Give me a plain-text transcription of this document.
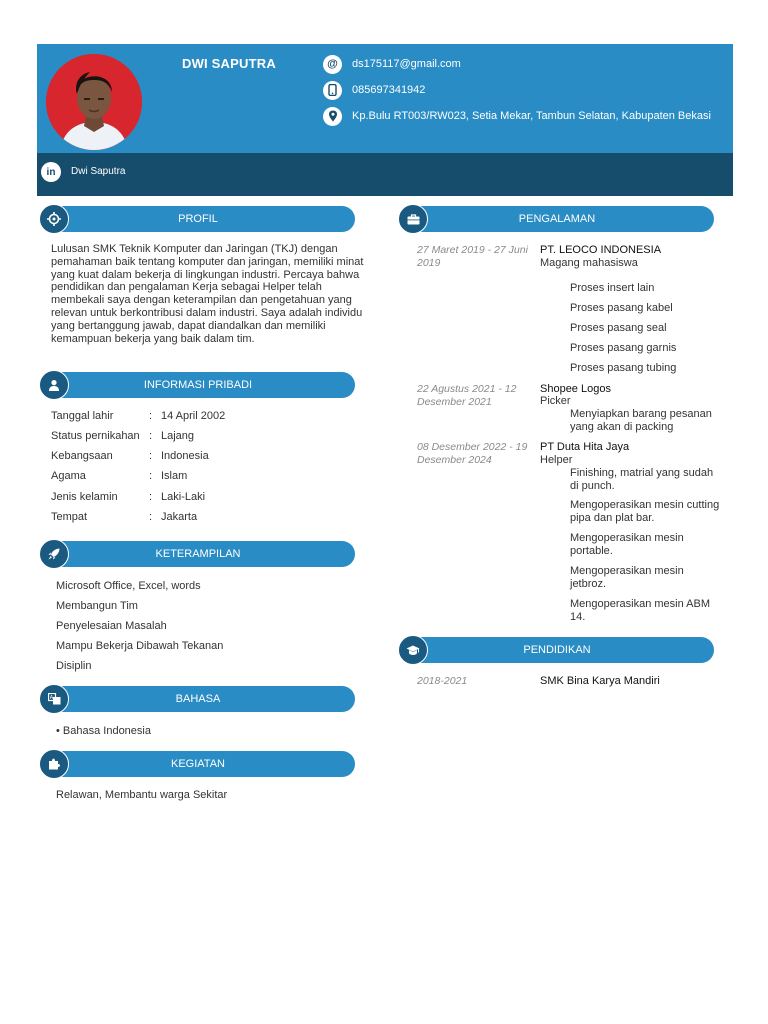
DWI SAPUTRA	@ ds175117@gmail.com
085697341942
Kp.Bulu RT003/RW023, Setia Mekar, Tambun Selatan, Kabupaten Bekasi
in Dwi Saputra
PROFIL
Lulusan SMK Teknik Komputer dan Jaringan (TKJ) dengan pemahaman baik tentang komputer dan jaringan, memiliki minat yang kuat dalam bekerja di lingkungan industri. Percaya bahwa pendidikan dan pengalaman Kerja sebagai Helper telah membekali saya dengan keterampilan dan pengetahuan yang relevan untuk berkontribusi dalam industri. Saya adalah individu yang bertanggung jawab, dapat diandalkan dan memiliki kemampuan bekerja yang baik dalam tim.
INFORMASI PRIBADI
Tanggal lahir	: 14 April 2002
Status pernikahan : Lajang
Kebangsaan	: Indonesia
Agama	: Islam
Jenis kelamin	: Laki-Laki
Tempat	: Jakarta
KETERAMPILAN
Microsoft Office, Excel, words
Membangun Tim
Penyelesaian Masalah
Mampu Bekerja Dibawah Tekanan
Disiplin
A	BAHASA
• Bahasa Indonesia
KEGIATAN
Relawan, Membantu warga Sekitar
PENGALAMAN
27 Maret 2019 - 27 Juni 2019
PT. LEOCO INDONESIA
Magang mahasiswa
Proses insert lain
Proses pasang kabel
Proses pasang seal
Proses pasang garnis
Proses pasang tubing
22 Agustus 2021 - 12 Desember 2021
Shopee Logos
Picker
Menyiapkan barang pesanan yang akan di packing
08 Desember 2022 - 19 Desember 2024
PT Duta Hita Jaya
Helper
Finishing, matrial yang sudah di punch.
Mengoperasikan mesin cutting pipa dan plat bar.
Mengoperasikan mesin portable.
Mengoperasikan mesin jetbroz.
Mengoperasikan mesin ABM 14.
PENDIDIKAN
2018-2021	SMK Bina Karya Mandiri
